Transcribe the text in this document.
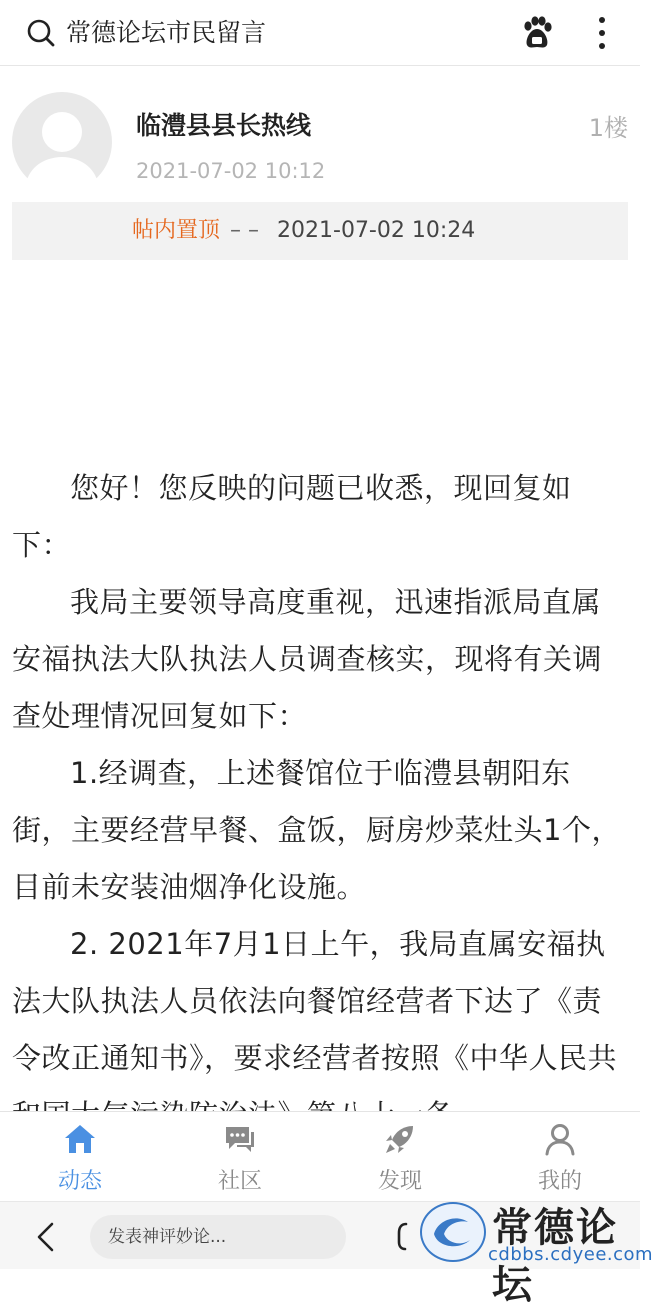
常德论坛市民留言
临澧县县长热线
2021-07-02 10:12
1楼
帖内置顶 – – 2021-07-02 10:24

您好！您反映的问题已收悉，现回复如下：

我局主要领导高度重视，迅速指派局直属安福执法大队执法人员调查核实，现将有关调查处理情况回复如下：

1.经调查，上述餐馆位于临澧县朝阳东街，主要经营早餐、盒饭，厨房炒菜灶头1个，目前未安装油烟净化设施。

2. 2021年7月1日上午，我局直属安福执法大队执法人员依法向餐馆经营者下达了《责令改正通知书》，要求经营者按照《中华人民共

动态	社区	发现	我的
发表神评妙论...
常德论坛
cdbbs.cdyee.com
